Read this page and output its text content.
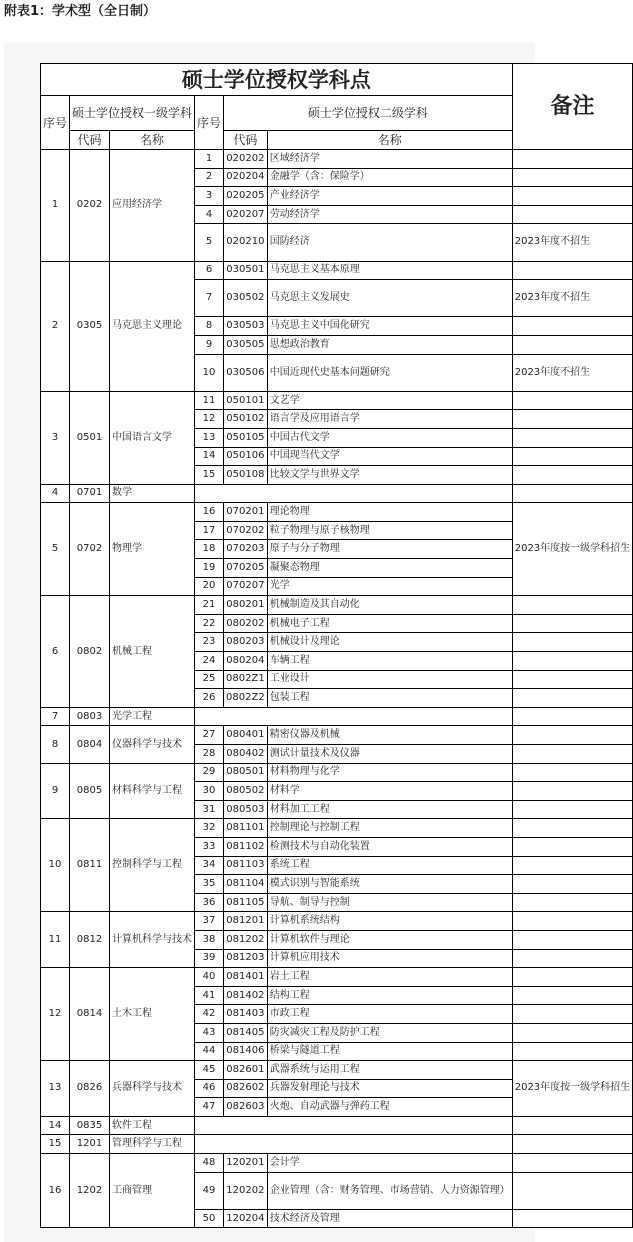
附表1：学术型（全日制）
硕士学位授权学科点						备注
序号	硕士学位授权一级学科		序号	硕士学位授权二级学科		
	代码	名称		代码	名称	
1	0202	应用经济学	1	020202	区域经济学	
			2	020204	金融学（含：保险学）	
			3	020205	产业经济学	
			4	020207	劳动经济学	
			5	020210	国防经济	2023年度不招生
2	0305	马克思主义理论	6	030501	马克思主义基本原理	
			7	030502	马克思主义发展史	2023年度不招生
			8	030503	马克思主义中国化研究	
			9	030505	思想政治教育	
			10	030506	中国近现代史基本问题研究	2023年度不招生
3	0501	中国语言文学	11	050101	文艺学	
			12	050102	语言学及应用语言学	
			13	050105	中国古代文学	
			14	050106	中国现当代文学	
			15	050108	比较文学与世界文学	
4	0701	数学				
5	0702	物理学	16	070201	理论物理	2023年度按一级学科招生
			17	070202	粒子物理与原子核物理	
			18	070203	原子与分子物理	
			19	070205	凝聚态物理	
			20	070207	光学	
6	0802	机械工程	21	080201	机械制造及其自动化	
			22	080202	机械电子工程	
			23	080203	机械设计及理论	
			24	080204	车辆工程	
			25	0802Z1	工业设计	
			26	0802Z2	包装工程	
7	0803	光学工程				
8	0804	仪器科学与技术	27	080401	精密仪器及机械	
			28	080402	测试计量技术及仪器	
9	0805	材料科学与工程	29	080501	材料物理与化学	
			30	080502	材料学	
			31	080503	材料加工工程	
10	0811	控制科学与工程	32	081101	控制理论与控制工程	
			33	081102	检测技术与自动化装置	
			34	081103	系统工程	
			35	081104	模式识别与智能系统	
			36	081105	导航、制导与控制	
11	0812	计算机科学与技术	37	081201	计算机系统结构	
			38	081202	计算机软件与理论	
			39	081203	计算机应用技术	
12	0814	土木工程	40	081401	岩土工程	
			41	081402	结构工程	
			42	081403	市政工程	
			43	081405	防灾减灾工程及防护工程	
			44	081406	桥梁与隧道工程	
13	0826	兵器科学与技术	45	082601	武器系统与运用工程	2023年度按一级学科招生
			46	082602	兵器发射理论与技术	
			47	082603	火炮、自动武器与弹药工程	
14	0835	软件工程				
15	1201	管理科学与工程				
16	1202	工商管理	48	120201	会计学	
			49	120202	企业管理（含：财务管理、市场营销、人力资源管理）	
			50	120204	技术经济及管理	
